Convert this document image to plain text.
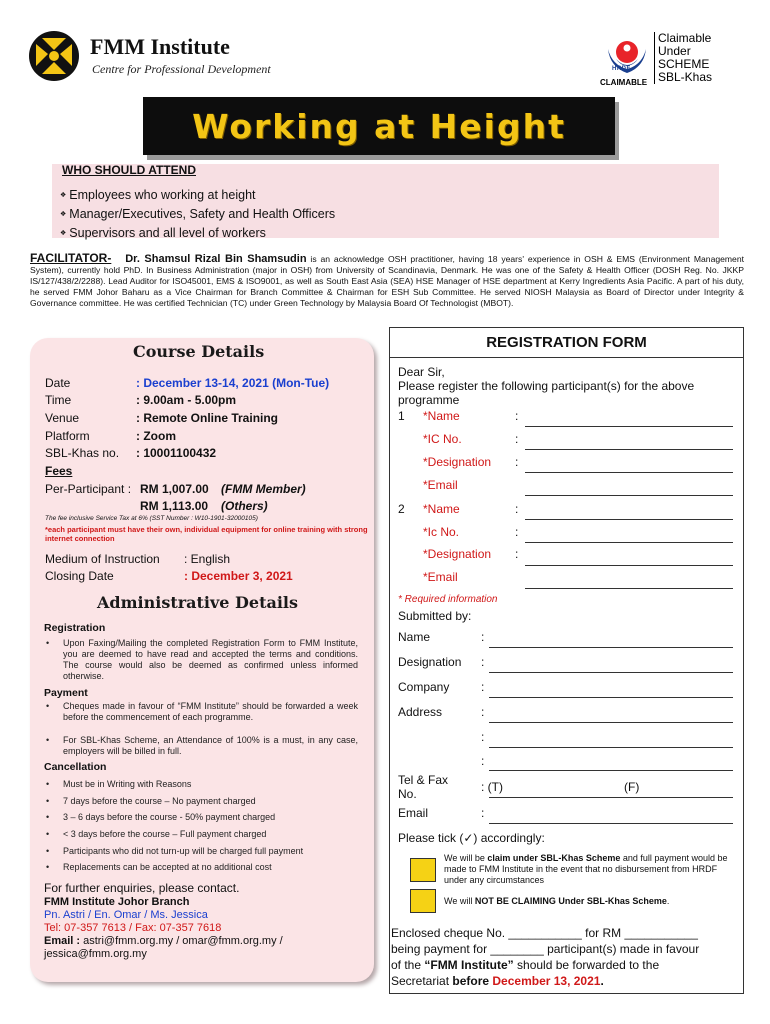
FMM Institute
Centre for Professional Development	HRDF
CLAIMABLE
Claimable
Under
SCHEME
SBL-Khas
Working at Height
WHO SHOULD ATTEND
❖ Employees who working at height
❖ Manager/Executives, Safety and Health Officers
❖ Supervisors and all level of workers
FACILITATOR- Dr. Shamsul Rizal Bin Shamsudin is an acknowledge OSH practitioner, having 18 years' experience in OSH & EMS (Environment Management System), currently hold PhD. In Business Administration (major in OSH) from University of Scandinavia, Denmark. He was one of the Safety & Health Officer (DOSH Reg. No. JKKP IS/127/438/2/2288). Lead Auditor for ISO45001, EMS & ISO9001, as well as South East Asia (SEA) HSE Manager of HSE department at Kerry Ingredients Asia Pacific. A part of his duty, he served FMM Johor Baharu as a Vice Chairman for Branch Committee & Chairman for ESH Sub Committee. He served NIOSH Malaysia as Board of Director under Integrity & Governance committee. He was certified Technician (TC) under Green Technology by Malaysia Board Of Technologist (MBOT).
Course Details
Date	: December 13-14, 2021 (Mon-Tue)
Time	: 9.00am - 5.00pm
Venue	: Remote Online Training
Platform	: Zoom
SBL-Khas no. : 10001100432
Fees
Per-Participant : RM 1,007.00 (FMM Member)
RM 1,113.00 (Others)
The fee inclusive Service Tax at 6% (SST Number : W10-1901-32000105)
*each participant must have their own, individual equipment for online training with strong internet connection
Medium of Instruction : English
Closing Date	: December 3, 2021
Administrative Details
Registration
• Upon Faxing/Mailing the completed Registration Form to FMM Institute, you are deemed to have read and accepted the terms and conditions. The course would also be deemed as confirmed unless informed otherwise.
Payment
• Cheques made in favour of “FMM Institute” should be forwarded a week before the commencement of each programme.
• For SBL-Khas Scheme, an Attendance of 100% is a must, in any case, employers will be billed in full.
Cancellation
• Must be in Writing with Reasons
• 7 days before the course – No payment charged
• 3 – 6 days before the course - 50% payment charged
• < 3 days before the course – Full payment charged
• Participants who did not turn-up will be charged full payment
• Replacements can be accepted at no additional cost
For further enquiries, please contact.
FMM Institute Johor Branch
Pn. Astri / En. Omar / Ms. Jessica
Tel: 07-357 7613 / Fax: 07-357 7618
Email : astri@fmm.org.my / omar@fmm.org.my / jessica@fmm.org.my
REGISTRATION FORM
Dear Sir,
Please register the following participant(s) for the above programme
1 *Name	:
*IC No.	:
*Designation :
*Email
2 *Name	:
*Ic No.	:
*Designation :
*Email
* Required information
Submitted by:
Name	:
Designation :
Company	:
Address	:
:
:
Tel & Fax No.	: (T)	(F)
Email	:
Please tick (✓) accordingly:
We will be claim under SBL-Khas Scheme and full payment would be made to FMM Institute in the event that no disbursement from HRDF under any circumstances
We will NOT BE CLAIMING Under SBL-Khas Scheme.
Enclosed cheque No. ___________ for RM ___________
being payment for ________ participant(s) made in favour
of the “FMM Institute” should be forwarded to the
Secretariat before December 13, 2021.
